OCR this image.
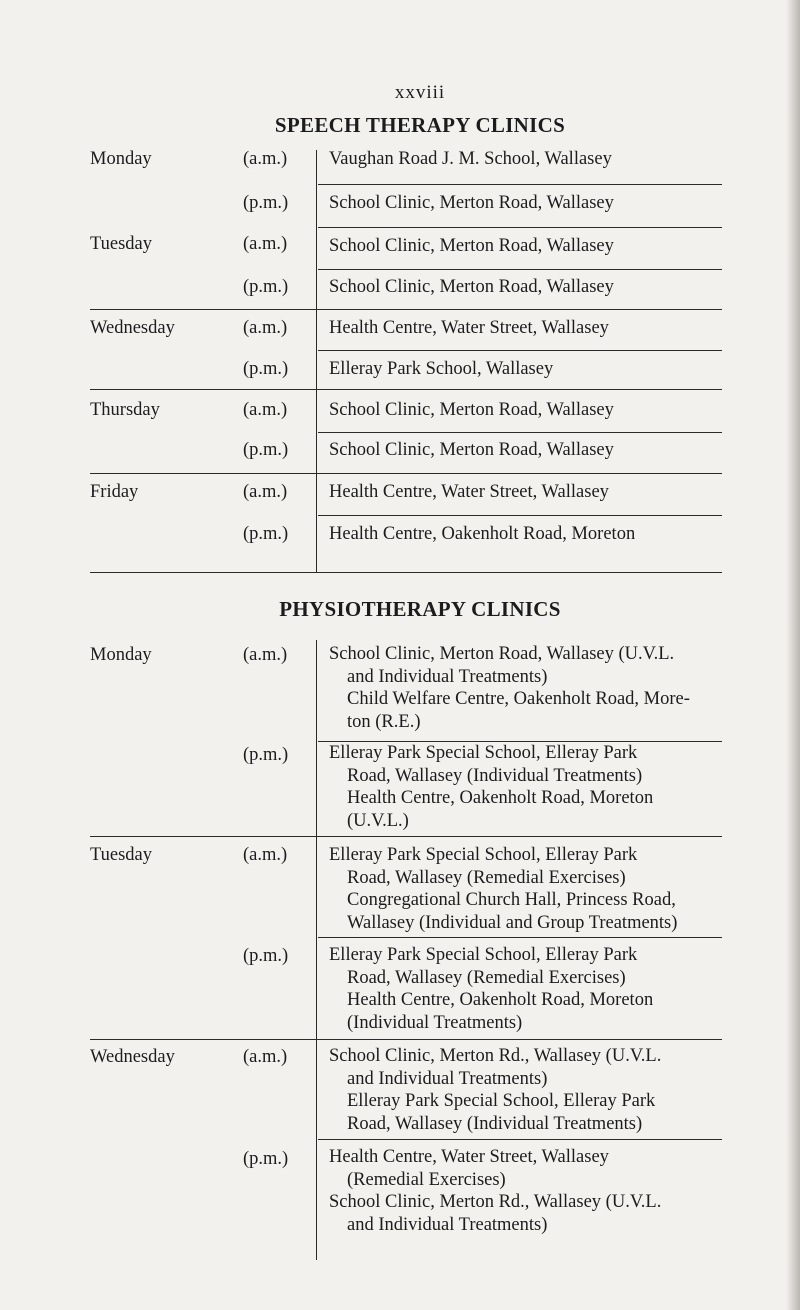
xxviii
SPEECH THERAPY CLINICS
Monday	(a.m.) Vaughan Road J. M. School, Wallasey
(p.m.) School Clinic, Merton Road, Wallasey
Tuesday	(a.m.) School Clinic, Merton Road, Wallasey
(p.m.) School Clinic, Merton Road, Wallasey
Wednesday	(a.m.) Health Centre, Water Street, Wallasey
(p.m.) Elleray Park School, Wallasey
Thursday	(a.m.) School Clinic, Merton Road, Wallasey
(p.m.) School Clinic, Merton Road, Wallasey
Friday	(a.m.) Health Centre, Water Street, Wallasey
(p.m.) Health Centre, Oakenholt Road, Moreton
PHYSIOTHERAPY CLINICS
Monday	(a.m.) School Clinic, Merton Road, Wallasey (U.V.L.
and Individual Treatments)
Child Welfare Centre, Oakenholt Road, More-
ton (R.E.)
(p.m.) Elleray Park Special School, Elleray Park
Road, Wallasey (Individual Treatments)
Health Centre, Oakenholt Road, Moreton
(U.V.L.)
Tuesday	(a.m.) Elleray Park Special School, Elleray Park
Road, Wallasey (Remedial Exercises)
Congregational Church Hall, Princess Road,
Wallasey (Individual and Group Treatments)
(p.m.) Elleray Park Special School, Elleray Park
Road, Wallasey (Remedial Exercises)
Health Centre, Oakenholt Road, Moreton
(Individual Treatments)
Wednesday	(a.m.) School Clinic, Merton Rd., Wallasey (U.V.L.
and Individual Treatments)
Elleray Park Special School, Elleray Park
Road, Wallasey (Individual Treatments)
(p.m.) Health Centre, Water Street, Wallasey
(Remedial Exercises)
School Clinic, Merton Rd., Wallasey (U.V.L.
and Individual Treatments)
